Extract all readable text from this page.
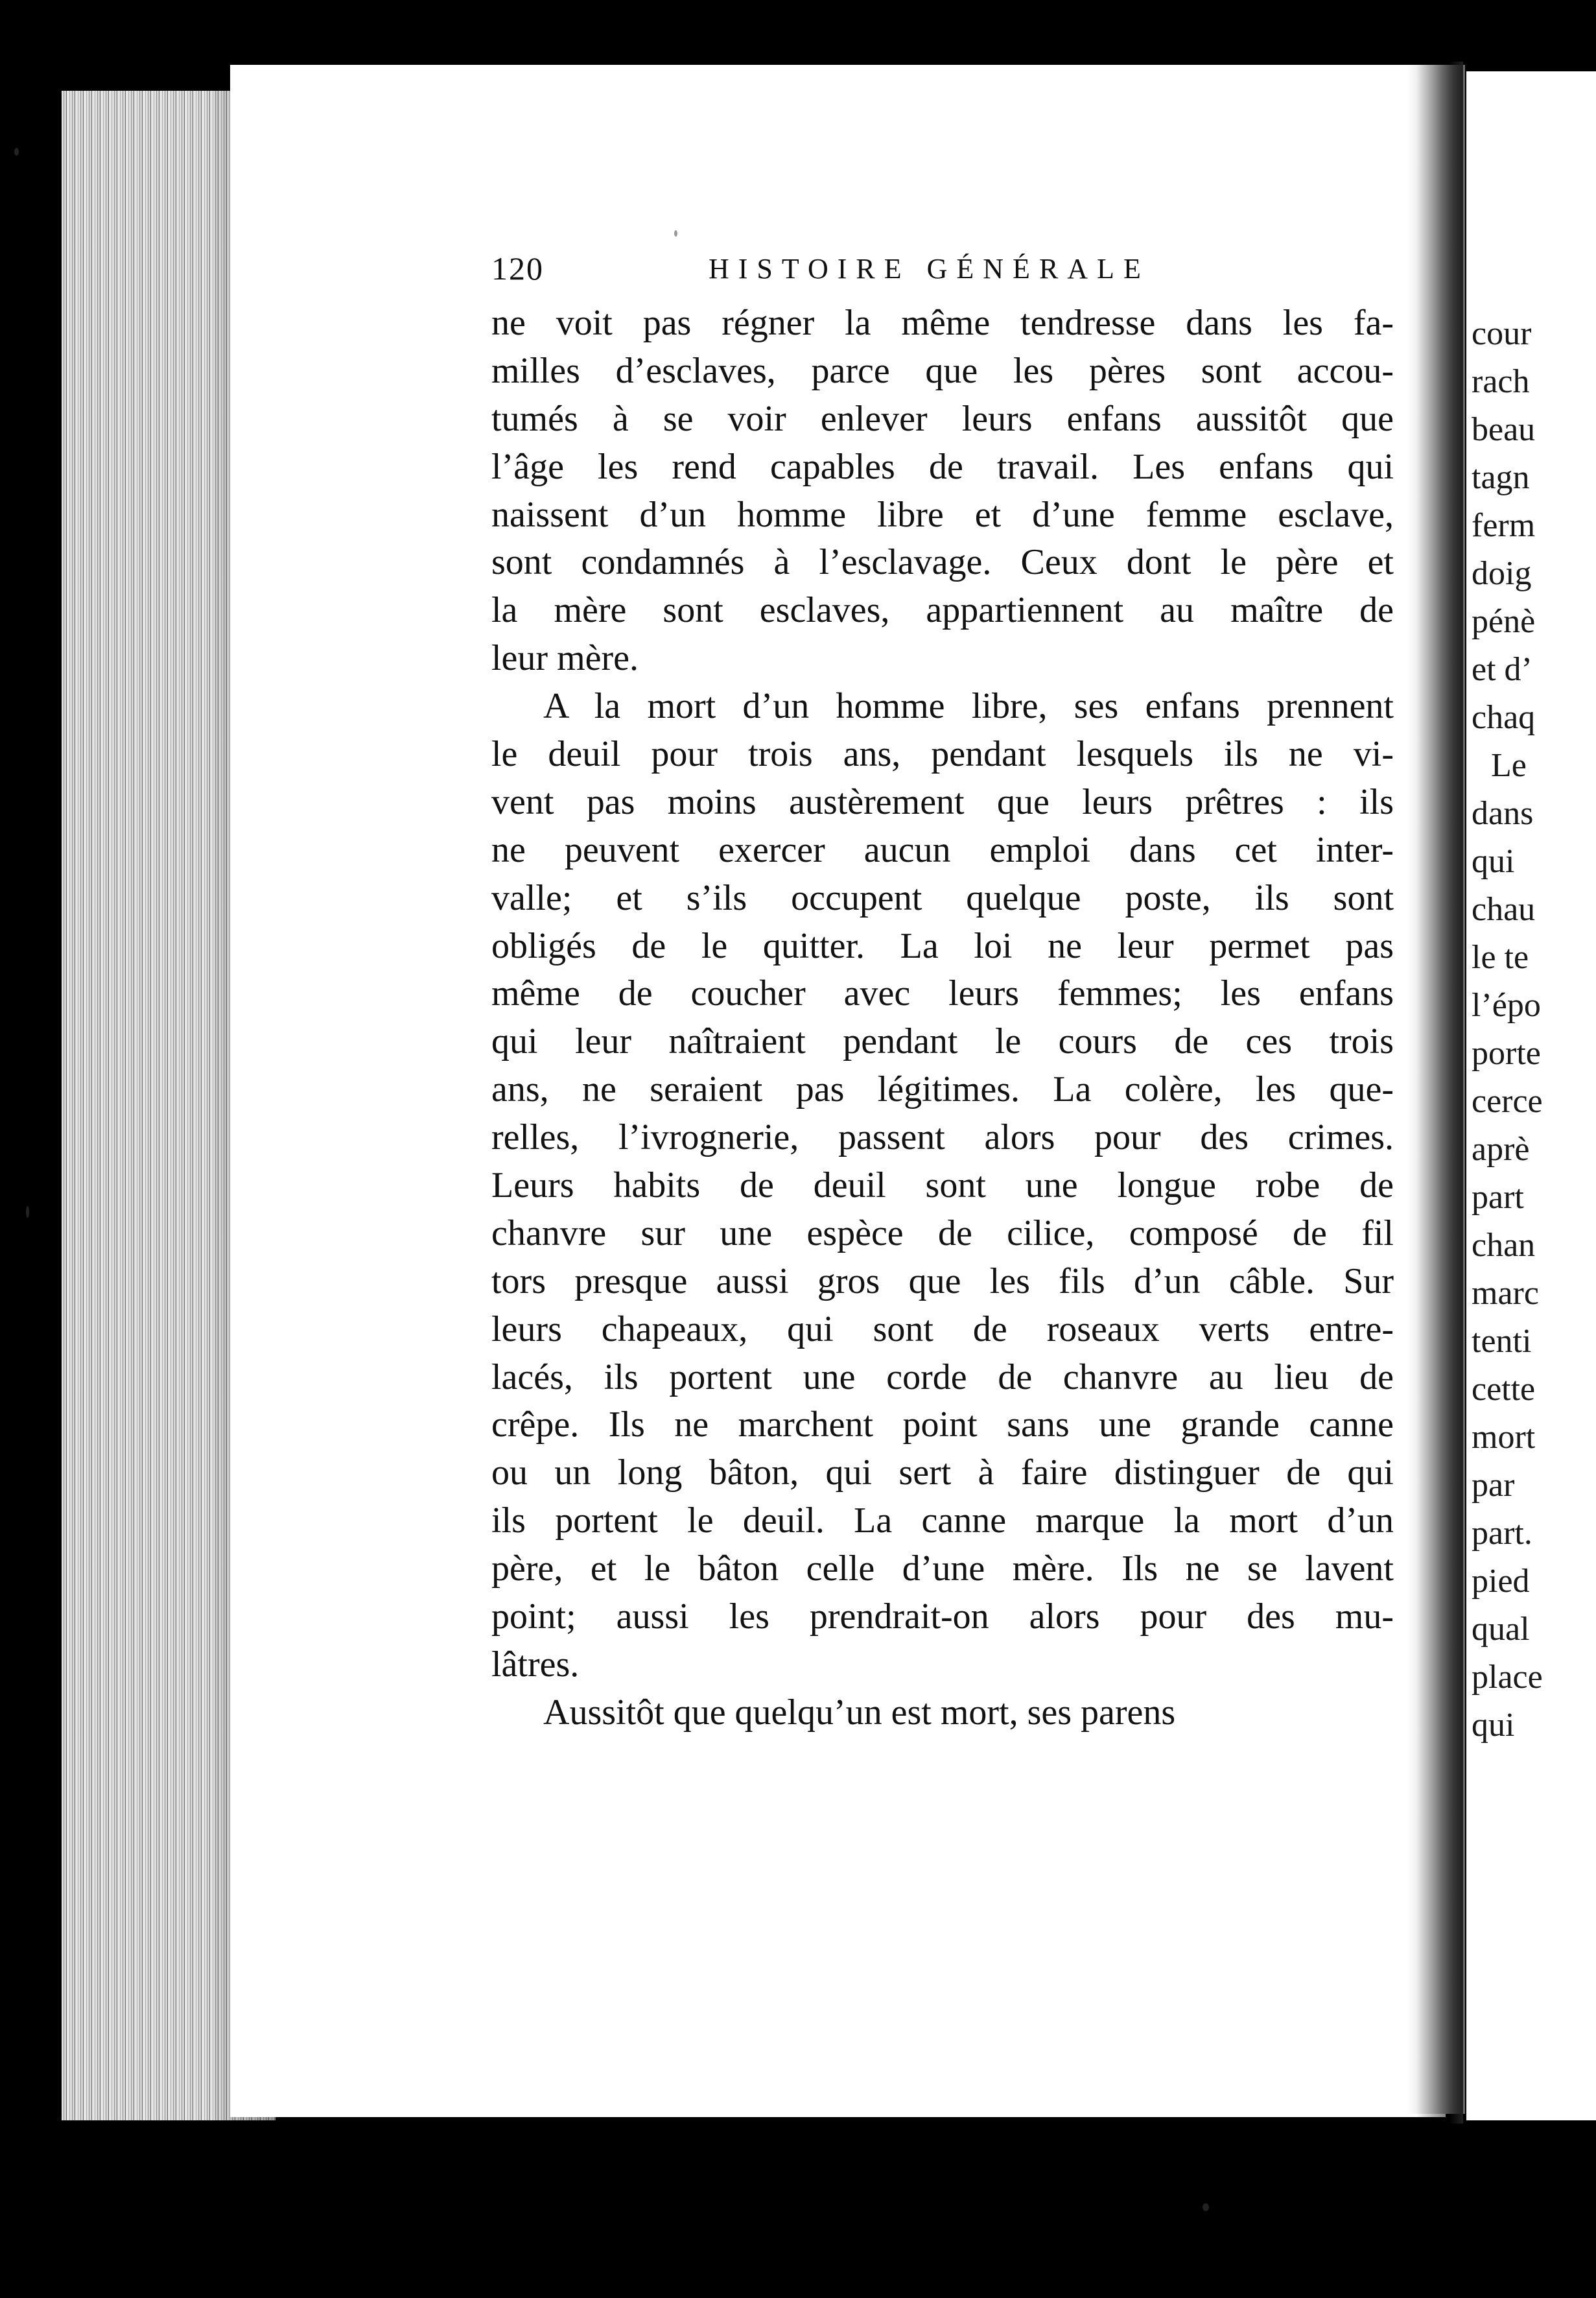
cour
rach
beau
tagn
ferm
doig
pénè
et d’
chaq
Le
dans
qui
chau
le te
l’épo
porte
cerce
aprè
part
chan
marc
tenti
cette
mort
par
part.
pied
qual
place
qui
120	HISTOIRE GÉNÉRALE
ne voit pas régner la même tendresse dans les fa-
milles d’esclaves, parce que les pères sont accou-
tumés à se voir enlever leurs enfans aussitôt que
l’âge les rend capables de travail. Les enfans qui
naissent d’un homme libre et d’une femme esclave,
sont condamnés à l’esclavage. Ceux dont le père et
la mère sont esclaves, appartiennent au maître de
leur mère.
A la mort d’un homme libre, ses enfans prennent
le deuil pour trois ans, pendant lesquels ils ne vi-
vent pas moins austèrement que leurs prêtres : ils
ne peuvent exercer aucun emploi dans cet inter-
valle; et s’ils occupent quelque poste, ils sont
obligés de le quitter. La loi ne leur permet pas
même de coucher avec leurs femmes; les enfans
qui leur naîtraient pendant le cours de ces trois
ans, ne seraient pas légitimes. La colère, les que-
relles, l’ivrognerie, passent alors pour des crimes.
Leurs habits de deuil sont une longue robe de
chanvre sur une espèce de cilice, composé de fil
tors presque aussi gros que les fils d’un câble. Sur
leurs chapeaux, qui sont de roseaux verts entre-
lacés, ils portent une corde de chanvre au lieu de
crêpe. Ils ne marchent point sans une grande canne
ou un long bâton, qui sert à faire distinguer de qui
ils portent le deuil. La canne marque la mort d’un
père, et le bâton celle d’une mère. Ils ne se lavent
point; aussi les prendrait-on alors pour des mu-
lâtres.
Aussitôt que quelqu’un est mort, ses parens
